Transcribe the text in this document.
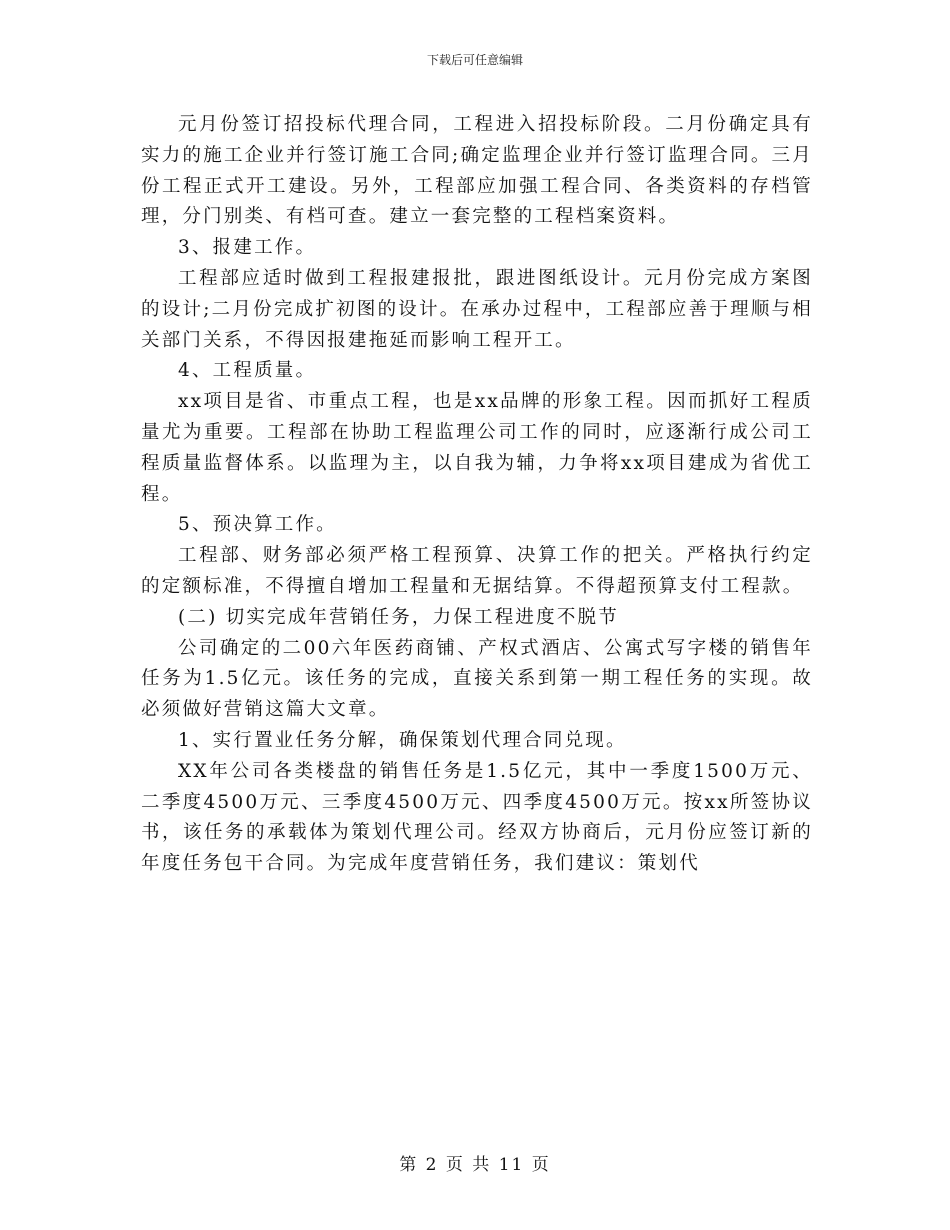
下载后可任意编辑

元月份签订招投标代理合同，工程进入招投标阶段。二月份确定具有实力的施工企业并行签订施工合同;确定监理企业并行签订监理合同。三月份工程正式开工建设。另外，工程部应加强工程合同、各类资料的存档管理，分门别类、有档可查。建立一套完整的工程档案资料。

3、报建工作。

工程部应适时做到工程报建报批，跟进图纸设计。元月份完成方案图的设计;二月份完成扩初图的设计。在承办过程中，工程部应善于理顺与相关部门关系，不得因报建拖延而影响工程开工。

4、工程质量。

xx项目是省、市重点工程，也是xx品牌的形象工程。因而抓好工程质量尤为重要。工程部在协助工程监理公司工作的同时，应逐渐行成公司工程质量监督体系。以监理为主，以自我为辅，力争将xx项目建成为省优工程。

5、预决算工作。

工程部、财务部必须严格工程预算、决算工作的把关。严格执行约定的定额标准，不得擅自增加工程量和无据结算。不得超预算支付工程款。

(二) 切实完成年营销任务，力保工程进度不脱节

公司确定的二00六年医药商铺、产权式酒店、公寓式写字楼的销售年任务为1.5亿元。该任务的完成，直接关系到第一期工程任务的实现。故必须做好营销这篇大文章。

1、实行置业任务分解，确保策划代理合同兑现。

XX年公司各类楼盘的销售任务是1.5亿元，其中一季度1500万元、二季度4500万元、三季度4500万元、四季度4500万元。按xx所签协议书，该任务的承载体为策划代理公司。经双方协商后，元月份应签订新的年度任务包干合同。为完成年度营销任务，我们建议：策划代

第 2 页 共 11 页
